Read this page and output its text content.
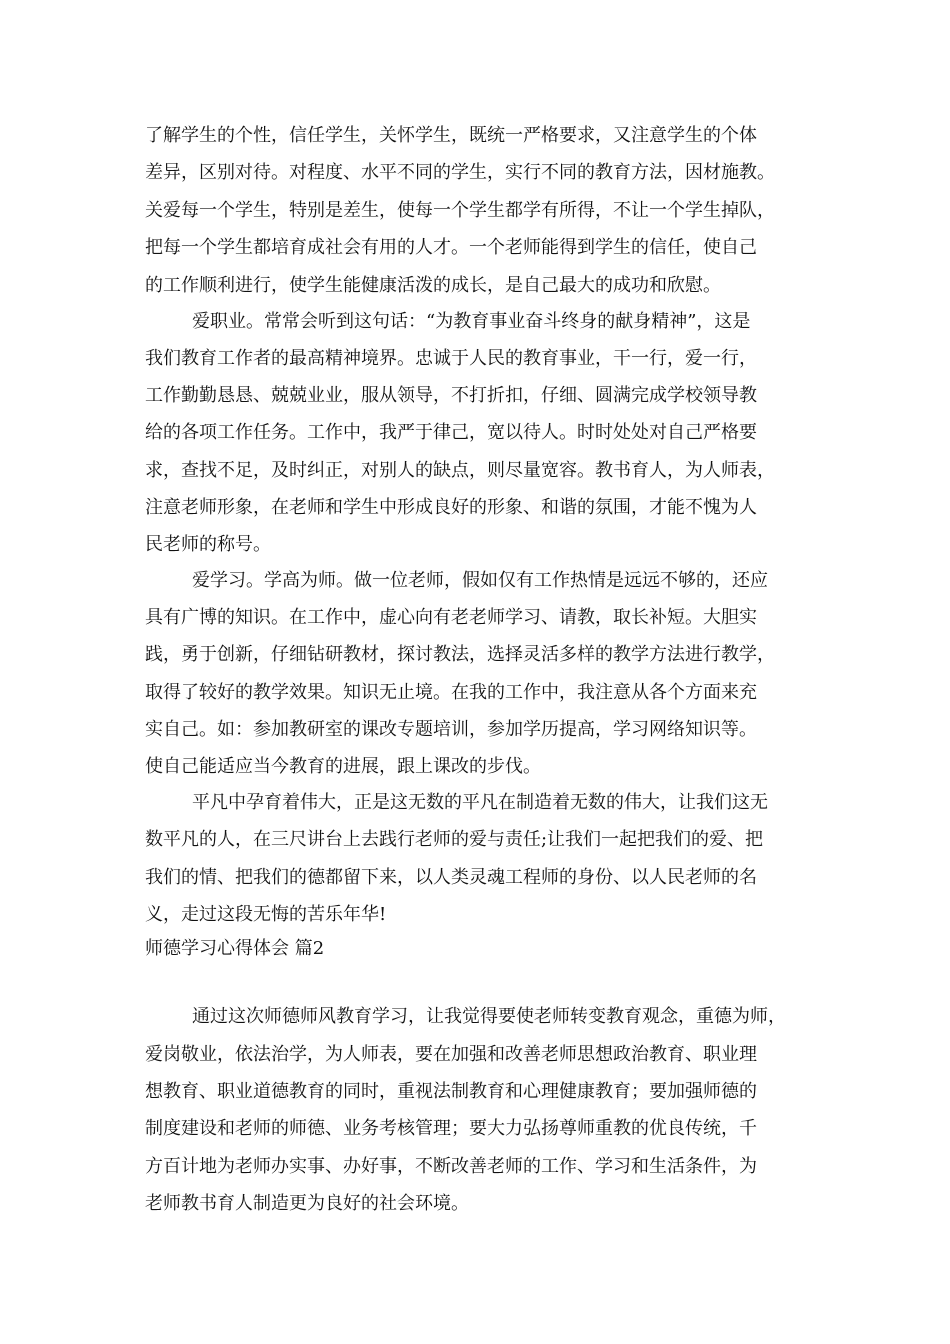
了解学生的个性，信任学生，关怀学生，既统一严格要求，又注意学生的个体
差异，区别对待。对程度、水平不同的学生，实行不同的教育方法，因材施教。
关爱每一个学生，特别是差生，使每一个学生都学有所得，不让一个学生掉队，
把每一个学生都培育成社会有用的人才。一个老师能得到学生的信任，使自己
的工作顺利进行，使学生能健康活泼的成长，是自己最大的成功和欣慰。
爱职业。常常会听到这句话：“为教育事业奋斗终身的献身精神”，这是
我们教育工作者的最高精神境界。忠诚于人民的教育事业，干一行，爱一行，
工作勤勤恳恳、兢兢业业，服从领导，不打折扣，仔细、圆满完成学校领导教
给的各项工作任务。工作中，我严于律己，宽以待人。时时处处对自己严格要
求，查找不足，及时纠正，对别人的缺点，则尽量宽容。教书育人，为人师表，
注意老师形象，在老师和学生中形成良好的形象、和谐的氛围，才能不愧为人
民老师的称号。
爱学习。学高为师。做一位老师，假如仅有工作热情是远远不够的，还应
具有广博的知识。在工作中，虚心向有老老师学习、请教，取长补短。大胆实
践，勇于创新，仔细钻研教材，探讨教法，选择灵活多样的教学方法进行教学，
取得了较好的教学效果。知识无止境。在我的工作中，我注意从各个方面来充
实自己。如：参加教研室的课改专题培训，参加学历提高，学习网络知识等。
使自己能适应当今教育的进展，跟上课改的步伐。
平凡中孕育着伟大，正是这无数的平凡在制造着无数的伟大，让我们这无
数平凡的人，在三尺讲台上去践行老师的爱与责任;让我们一起把我们的爱、把
我们的情、把我们的德都留下来，以人类灵魂工程师的身份、以人民老师的名
义，走过这段无悔的苦乐年华!
师德学习心得体会 篇2
通过这次师德师风教育学习，让我觉得要使老师转变教育观念，重德为师，
爱岗敬业，依法治学，为人师表，要在加强和改善老师思想政治教育、职业理
想教育、职业道德教育的同时，重视法制教育和心理健康教育；要加强师德的
制度建设和老师的师德、业务考核管理；要大力弘扬尊师重教的优良传统，千
方百计地为老师办实事、办好事，不断改善老师的工作、学习和生活条件，为
老师教书育人制造更为良好的社会环境。
